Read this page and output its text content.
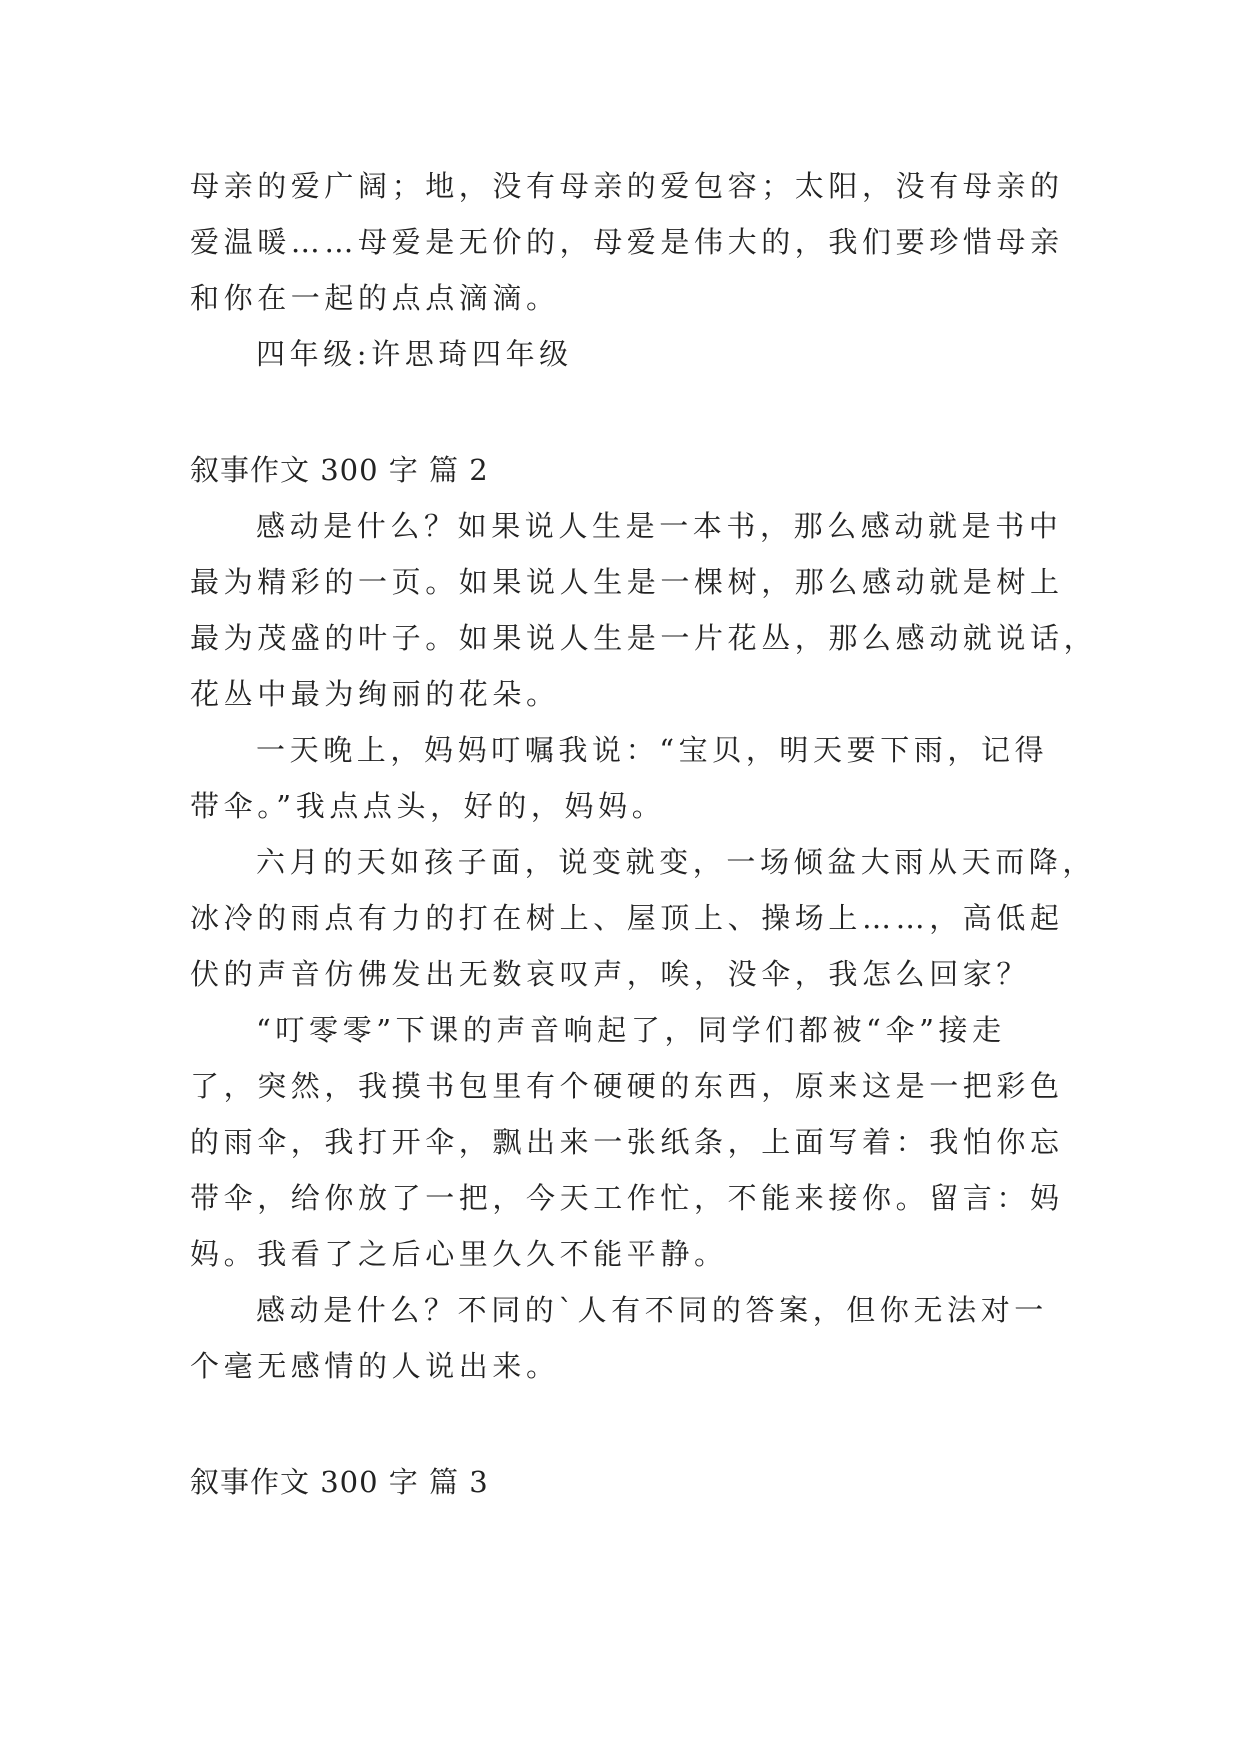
母亲的爱广阔；地，没有母亲的爱包容；太阳，没有母亲的
爱温暖……母爱是无价的，母爱是伟大的，我们要珍惜母亲
和你在一起的点点滴滴。
四年级:许思琦四年级
叙事作文 300 字 篇 2
感动是什么？如果说人生是一本书，那么感动就是书中
最为精彩的一页。如果说人生是一棵树，那么感动就是树上
最为茂盛的叶子。如果说人生是一片花丛，那么感动就说话，
花丛中最为绚丽的花朵。
一天晚上，妈妈叮嘱我说：“宝贝，明天要下雨，记得
带伞。”我点点头，好的，妈妈。
六月的天如孩子面，说变就变，一场倾盆大雨从天而降，
冰冷的雨点有力的打在树上、屋顶上、操场上……，高低起
伏的声音仿佛发出无数哀叹声，唉，没伞，我怎么回家？
“叮零零”下课的声音响起了，同学们都被“伞”接走
了，突然，我摸书包里有个硬硬的东西，原来这是一把彩色
的雨伞，我打开伞，飘出来一张纸条，上面写着：我怕你忘
带伞，给你放了一把，今天工作忙，不能来接你。留言：妈
妈。我看了之后心里久久不能平静。
感动是什么？不同的`人有不同的答案，但你无法对一
个毫无感情的人说出来。
叙事作文 300 字 篇 3
